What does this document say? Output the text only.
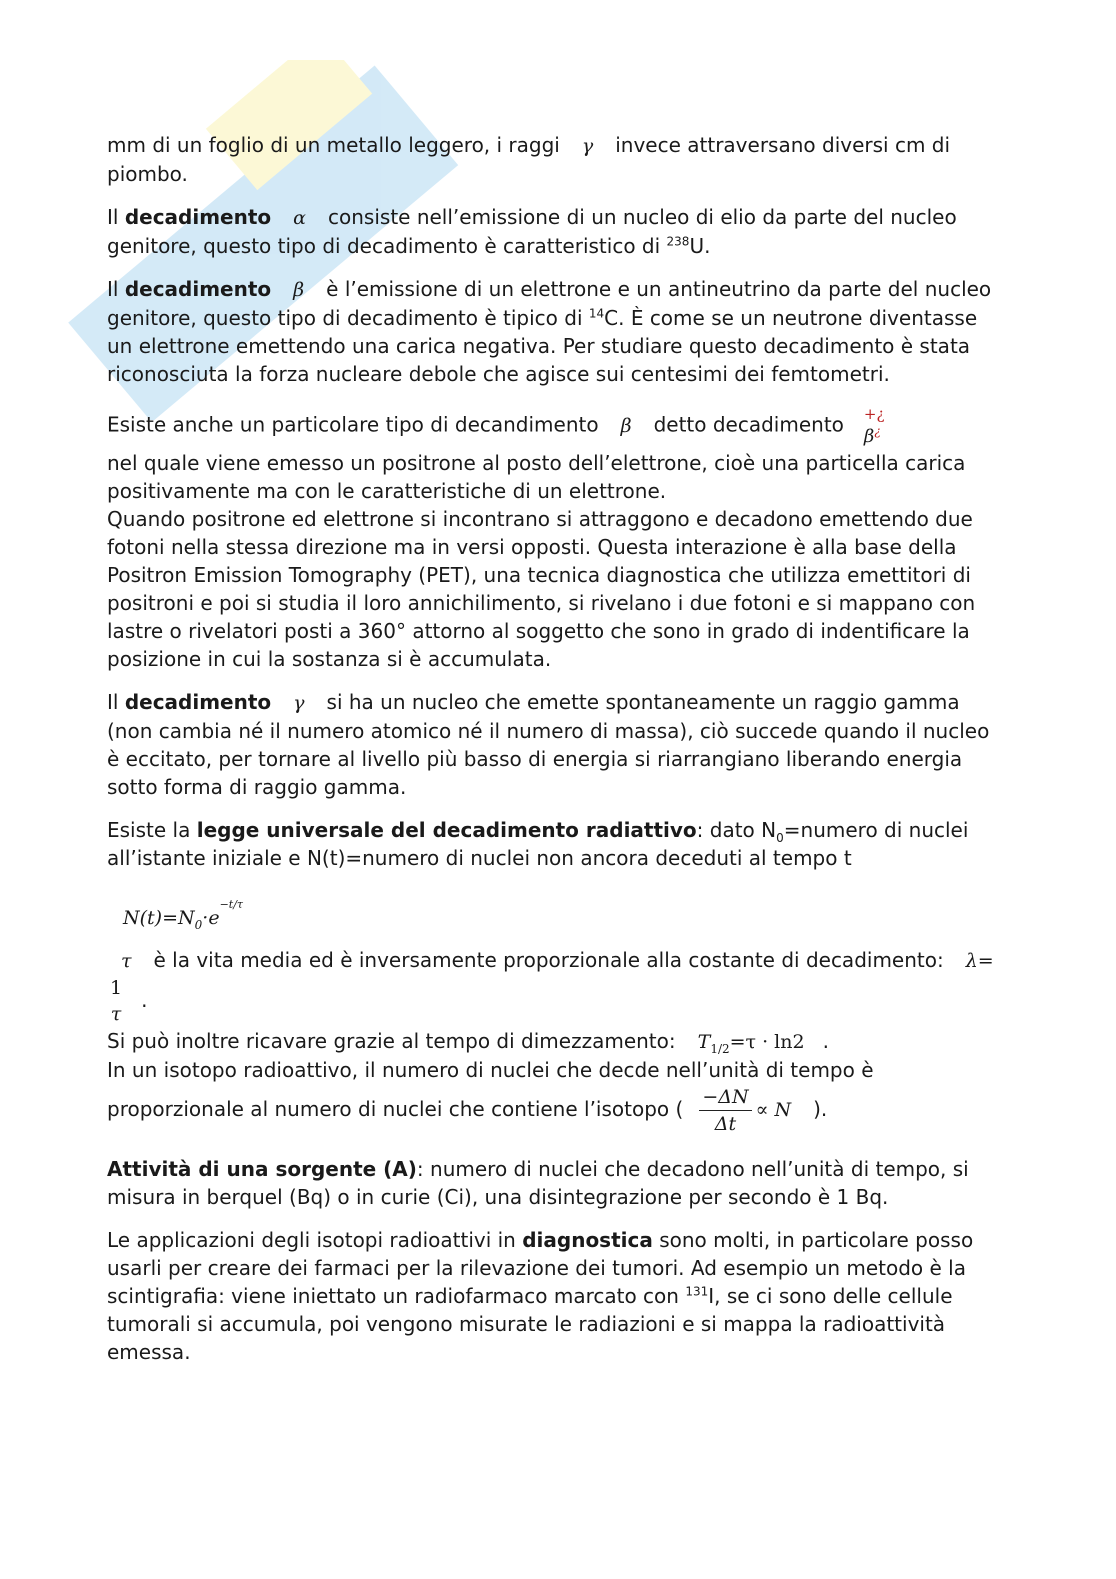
mm di un foglio di un metallo leggero, i raggi γ invece attraversano diversi cm di piombo.

Il decadimento α consiste nell’emissione di un nucleo di elio da parte del nucleo genitore, questo tipo di decadimento è caratteristico di $^{238}$U.

Il decadimento β è l’emissione di un elettrone e un antineutrino da parte del nucleo genitore, questo tipo di decadimento è tipico di $^{14}$C. È come se un neutrone diventasse un elettrone emettendo una carica negativa. Per studiare questo decadimento è stata riconosciuta la forza nucleare debole che agisce sui centesimi dei femtometri.

Esiste anche un particolare tipo di decandimento β detto decadimento +¿
β¿

nel quale viene emesso un positrone al posto dell’elettrone, cioè una particella carica positivamente ma con le caratteristiche di un elettrone.

Quando positrone ed elettrone si incontrano si attraggono e decadono emettendo due fotoni nella stessa direzione ma in versi opposti. Questa interazione è alla base della Positron Emission Tomography (PET), una tecnica diagnostica che utilizza emettitori di positroni e poi si studia il loro annichilimento, si rivelano i due fotoni e si mappano con lastre o rivelatori posti a 360° attorno al soggetto che sono in grado di indentificare la posizione in cui la sostanza si è accumulata.

Il decadimento γ si ha un nucleo che emette spontaneamente un raggio gamma (non cambia né il numero atomico né il numero di massa), ciò succede quando il nucleo è eccitato, per tornare al livello più basso di energia si riarrangiano liberando energia sotto forma di raggio gamma.

Esiste la legge universale del decadimento radiattivo: dato $N_0=numero$ di nuclei all’istante iniziale e N(t)=numero di nuclei non ancora deceduti al tempo t

$N(t)=N_0\cdot e-t/\tau$

τ è la vita media ed è inversamente proporzionale alla costante di decadimento: λ=
1
τ
.

Si può inoltre ricavare grazie al tempo di dimezzamento: $T_{1/2}=\tau \cdot \ln 2$ .

In un isotopo radioattivo, il numero di nuclei che decde nell’unità di tempo è proporzionale al numero di nuclei che contiene l’isotopo ( $\frac{-\Delta N}{\Delta t} \propto N$ ).

Attività di una sorgente (A): numero di nuclei che decadono nell’unità di tempo, si misura in berquel (Bq) o in curie (Ci), una disintegrazione per secondo è 1 Bq.

Le applicazioni degli isotopi radioattivi in diagnostica sono molti, in particolare posso usarli per creare dei farmaci per la rilevazione dei tumori. Ad esempio un metodo è la scintigrafia: viene iniettato un radiofarmaco marcato con $^{131}$I, se ci sono delle cellule tumorali si accumula, poi vengono misurate le radiazioni e si mappa la radioattività emessa.
